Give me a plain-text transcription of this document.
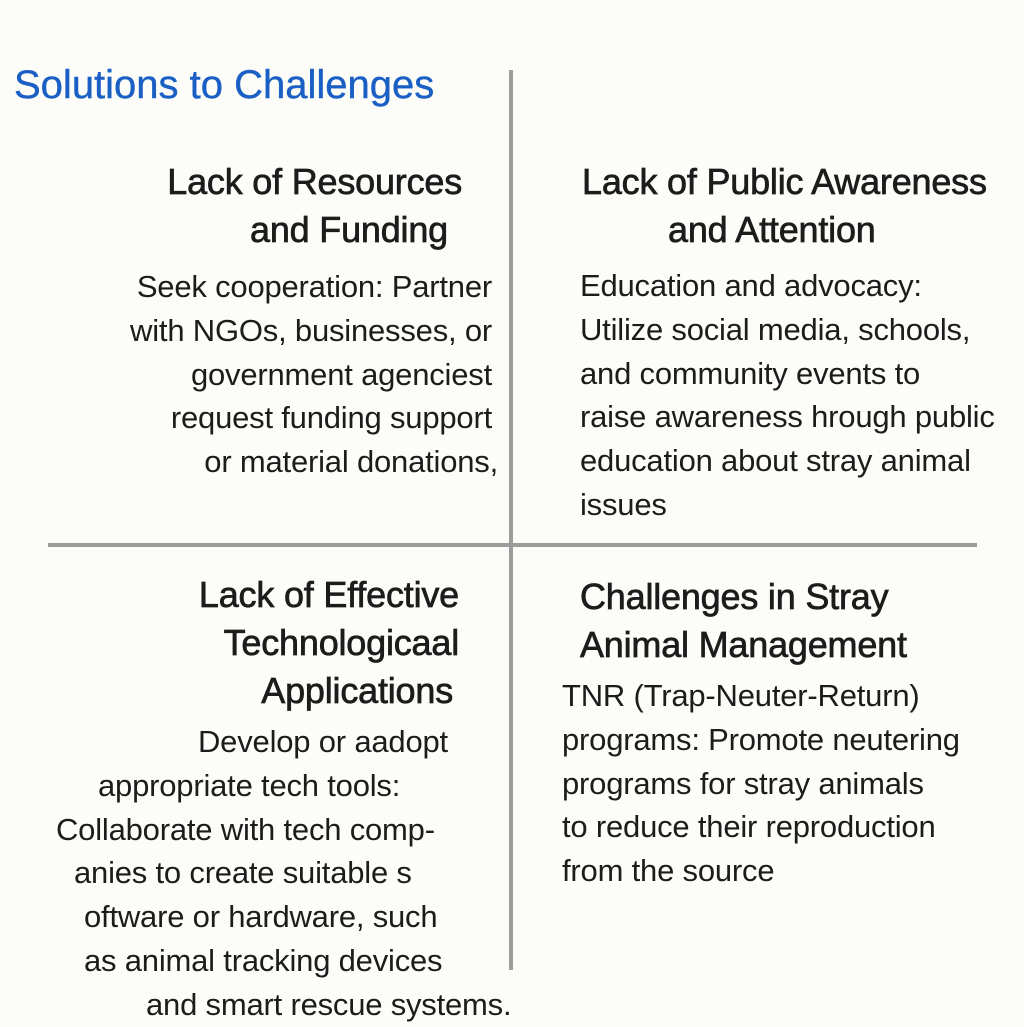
Solutions to Challenges
Lack of Resources
and Funding
Seek cooperation: Partner
with NGOs, businesses, or
government agenciest
request funding support
or material donations,
Lack of Public Awareness
and Attention
Education and advocacy:
Utilize social media, schools,
and community events to
raise awareness hrough public
education about stray animal
issues
Lack of Effective
Technologicaal
Applications
Develop or aadopt
appropriate tech tools:
Collaborate with tech comp-
anies to create suitable s
oftware or hardware, such
as animal tracking devices
and smart rescue systems.
Challenges in Stray
Animal Management
TNR (Trap-Neuter-Return)
programs: Promote neutering
programs for stray animals
to reduce their reproduction
from the source
